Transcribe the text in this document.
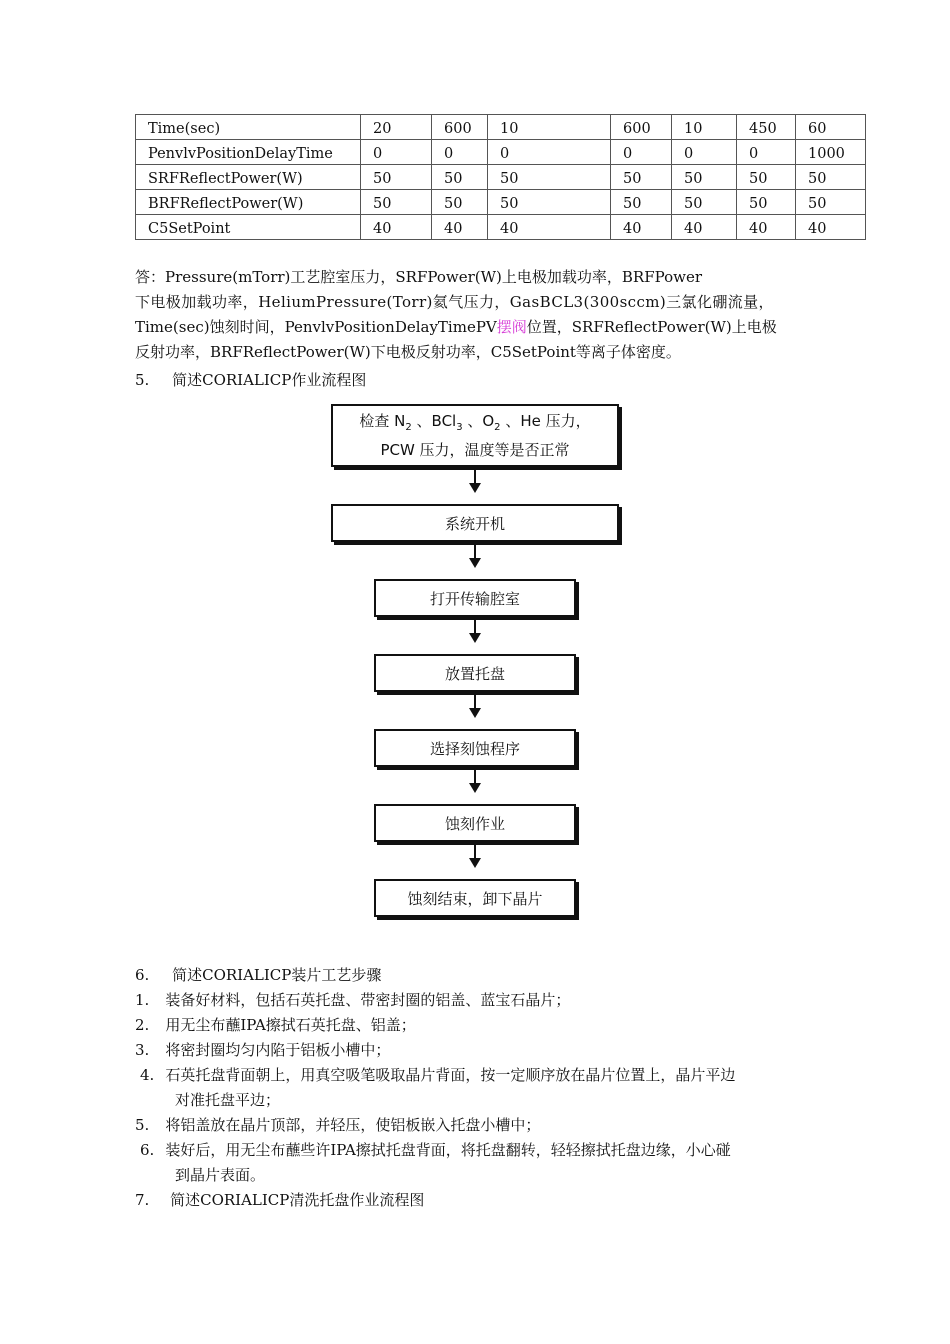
Time(sec)	20	600	10	600	10	450	60
PenvlvPositionDelayTime	0	0	0	0	0	0	1000
SRFReflectPower(W)	50	50	50	50	50	50	50
BRFReflectPower(W)	50	50	50	50	50	50	50
C5SetPoint	40	40	40	40	40	40	40
答：Pressure(mTorr)工艺腔室压力，SRFPower(W)上电极加载功率，BRFPower
下电极加载功率，HeliumPressure(Torr)氦气压力，GasBCL3(300sccm)三氯化硼流量，
Time(sec)蚀刻时间，PenvlvPositionDelayTimePV摆阀位置，SRFReflectPower(W)上电极
反射功率，BRFReflectPower(W)下电极反射功率，C5SetPoint等离子体密度。
5. 简述CORIALICP作业流程图
检查 $N_2$ 、BCl$_3$ 、$O_2$ 、He 压力，
PCW 压力，温度等是否正常
系统开机
打开传输腔室
放置托盘
选择刻蚀程序
蚀刻作业
蚀刻结束，卸下晶片
6. 简述CORIALICP装片工艺步骤
1. 装备好材料，包括石英托盘、带密封圈的铝盖、蓝宝石晶片；
2. 用无尘布蘸IPA擦拭石英托盘、铝盖；
3. 将密封圈均匀内陷于铝板小槽中；
4. 石英托盘背面朝上，用真空吸笔吸取晶片背面，按一定顺序放在晶片位置上，晶片平边
对准托盘平边；
5. 将铝盖放在晶片顶部，并轻压，使铝板嵌入托盘小槽中；
6. 装好后，用无尘布蘸些许IPA擦拭托盘背面，将托盘翻转，轻轻擦拭托盘边缘，小心碰
到晶片表面。
7. 简述CORIALICP清洗托盘作业流程图
